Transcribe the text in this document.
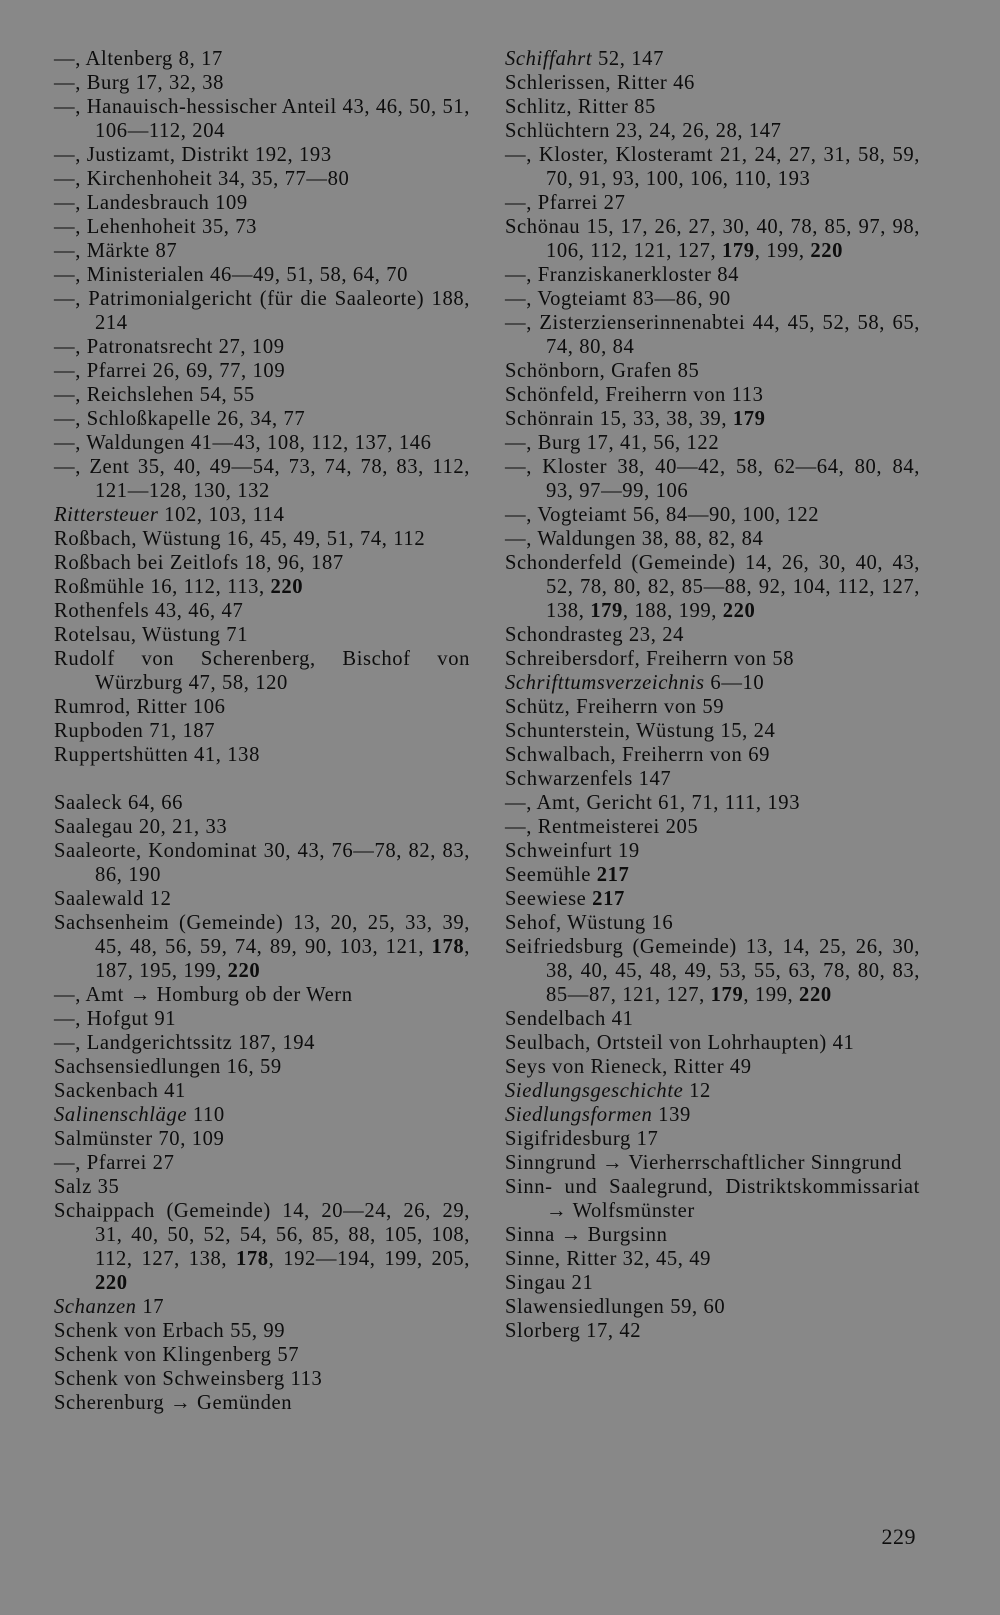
—, Altenberg 8, 17
—, Burg 17, 32, 38
—, Hanauisch-hessischer Anteil 43, 46, 50, 51, 106—112, 204
—, Justizamt, Distrikt 192, 193
—, Kirchenhoheit 34, 35, 77—80
—, Landesbrauch 109
—, Lehenhoheit 35, 73
—, Märkte 87
—, Ministerialen 46—49, 51, 58, 64, 70
—, Patrimonialgericht (für die Saaleorte) 188, 214
—, Patronatsrecht 27, 109
—, Pfarrei 26, 69, 77, 109
—, Reichslehen 54, 55
—, Schloßkapelle 26, 34, 77
—, Waldungen 41—43, 108, 112, 137, 146
—, Zent 35, 40, 49—54, 73, 74, 78, 83, 112, 121—128, 130, 132
Rittersteuer 102, 103, 114
Roßbach, Wüstung 16, 45, 49, 51, 74, 112
Roßbach bei Zeitlofs 18, 96, 187
Roßmühle 16, 112, 113, 220
Rothenfels 43, 46, 47
Rotelsau, Wüstung 71
Rudolf von Scherenberg, Bischof von Würzburg 47, 58, 120
Rumrod, Ritter 106
Rupboden 71, 187
Ruppertshütten 41, 138
Saaleck 64, 66
Saalegau 20, 21, 33
Saaleorte, Kondominat 30, 43, 76—78, 82, 83, 86, 190
Saalewald 12
Sachsenheim (Gemeinde) 13, 20, 25, 33, 39, 45, 48, 56, 59, 74, 89, 90, 103, 121, 178, 187, 195, 199, 220
—, Amt → Homburg ob der Wern
—, Hofgut 91
—, Landgerichtssitz 187, 194
Sachsensiedlungen 16, 59
Sackenbach 41
Salinenschläge 110
Salmünster 70, 109
—, Pfarrei 27
Salz 35
Schaippach (Gemeinde) 14, 20—24, 26, 29, 31, 40, 50, 52, 54, 56, 85, 88, 105, 108, 112, 127, 138, 178, 192—194, 199, 205, 220
Schanzen 17
Schenk von Erbach 55, 99
Schenk von Klingenberg 57
Schenk von Schweinsberg 113
Scherenburg → Gemünden
Schiffahrt 52, 147
Schlerissen, Ritter 46
Schlitz, Ritter 85
Schlüchtern 23, 24, 26, 28, 147
—, Kloster, Klosteramt 21, 24, 27, 31, 58, 59, 70, 91, 93, 100, 106, 110, 193
—, Pfarrei 27
Schönau 15, 17, 26, 27, 30, 40, 78, 85, 97, 98, 106, 112, 121, 127, 179, 199, 220
—, Franziskanerkloster 84
—, Vogteiamt 83—86, 90
—, Zisterzienserinnenabtei 44, 45, 52, 58, 65, 74, 80, 84
Schönborn, Grafen 85
Schönfeld, Freiherrn von 113
Schönrain 15, 33, 38, 39, 179
—, Burg 17, 41, 56, 122
—, Kloster 38, 40—42, 58, 62—64, 80, 84, 93, 97—99, 106
—, Vogteiamt 56, 84—90, 100, 122
—, Waldungen 38, 88, 82, 84
Schonderfeld (Gemeinde) 14, 26, 30, 40, 43, 52, 78, 80, 82, 85—88, 92, 104, 112, 127, 138, 179, 188, 199, 220
Schondrasteg 23, 24
Schreibersdorf, Freiherrn von 58
Schrifttumsverzeichnis 6—10
Schütz, Freiherrn von 59
Schunterstein, Wüstung 15, 24
Schwalbach, Freiherrn von 69
Schwarzenfels 147
—, Amt, Gericht 61, 71, 111, 193
—, Rentmeisterei 205
Schweinfurt 19
Seemühle 217
Seewiese 217
Sehof, Wüstung 16
Seifriedsburg (Gemeinde) 13, 14, 25, 26, 30, 38, 40, 45, 48, 49, 53, 55, 63, 78, 80, 83, 85—87, 121, 127, 179, 199, 220
Sendelbach 41
Seulbach, Ortsteil von Lohrhaupten) 41
Seys von Rieneck, Ritter 49
Siedlungsgeschichte 12
Siedlungsformen 139
Sigifridesburg 17
Sinngrund → Vierherrschaftlicher Sinngrund
Sinn- und Saalegrund, Distriktskommissariat → Wolfsmünster
Sinna → Burgsinn
Sinne, Ritter 32, 45, 49
Singau 21
Slawensiedlungen 59, 60
Slorberg 17, 42
229
